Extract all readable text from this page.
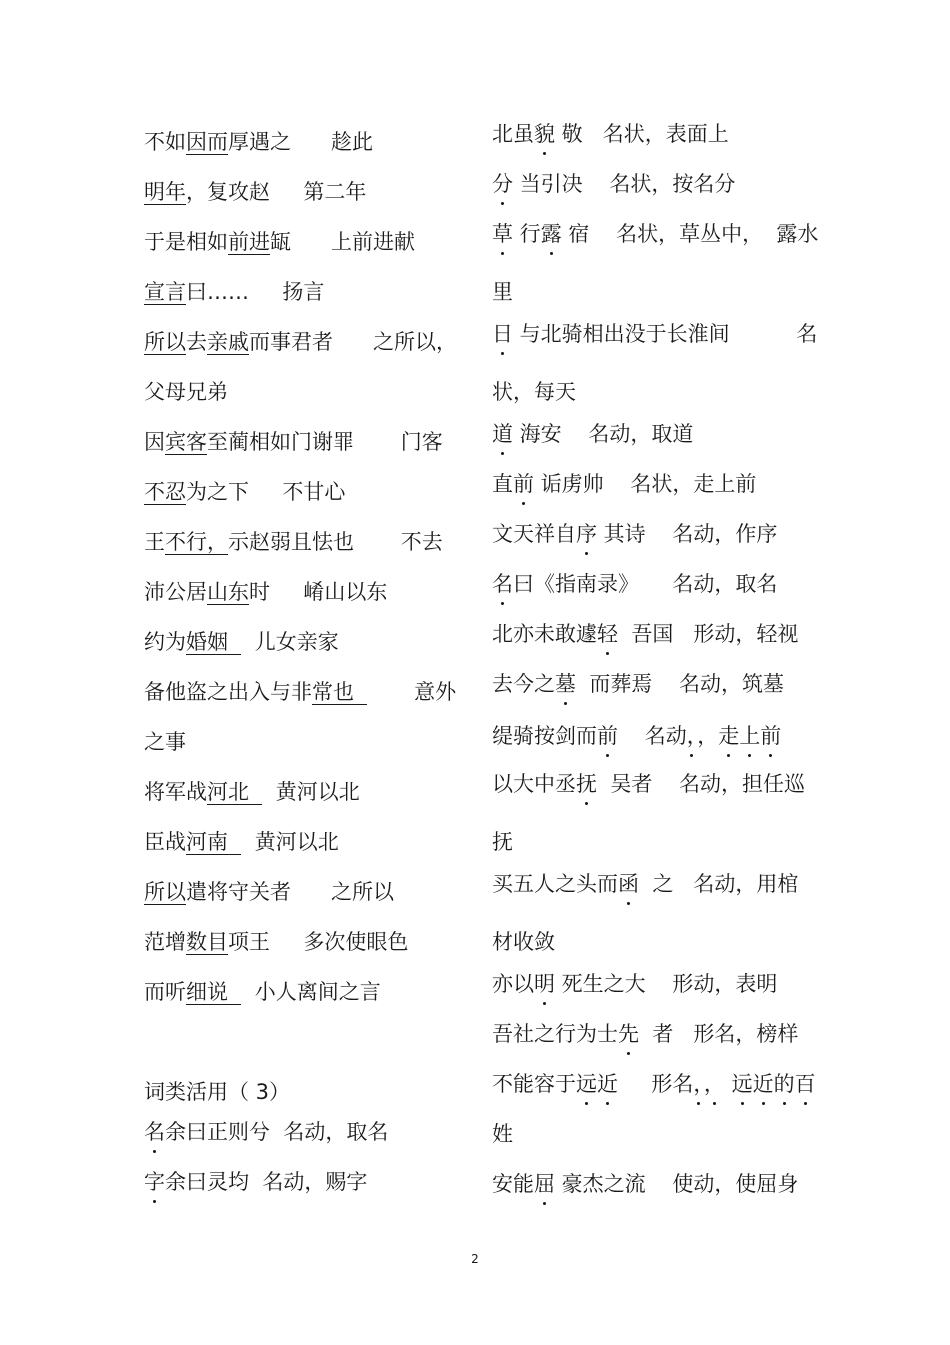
不如因而厚遇之      趁此
明年，复攻赵     第二年
于是相如前进缻      上前进献
宣言曰……     扬言
所以去亲戚而事君者      之所以，
父母兄弟
因宾客至蔺相如门谢罪       门客
不忍为之下     不甘心
王不行，示赵弱且怯也       不去
沛公居山东时     崤山以东
约为婚姻    儿女亲家
备他盗之出入与非常也         意外
之事
将军战河北    黄河以北
臣战河南    黄河以北
所以遣将守关者      之所以
范增数目项王     多次使眼色
而听细说    小人离间之言
词类活用（ 3）
名余曰正则兮  名动，取名
字余曰灵均  名动，赐字
北虽貌 敬   名状，表面上
分 当引决    名状，按名分
草 行露 宿    名状，草丛中，  露水
里
日 与北骑相出没于长淮间          名
状，每天
道 海安    名动，取道
直前 诟虏帅    名状，走上前
文天祥自序 其诗    名动，作序
名曰《指南录》     名动，取名
北亦未敢遽轻  吾国   形动，轻视
去今之墓  而葬焉    名动，筑墓
缇骑按剑而前    名动，，走上前
以大中丞抚  吴者    名动，担任巡
抚
买五人之头而函  之   名动，用棺
材收敛
亦以明 死生之大    形动，表明
吾社之行为士先  者   形名，榜样
不能容于远近     形名，， 远近的百
姓
安能屈 豪杰之流    使动，使屈身
2
